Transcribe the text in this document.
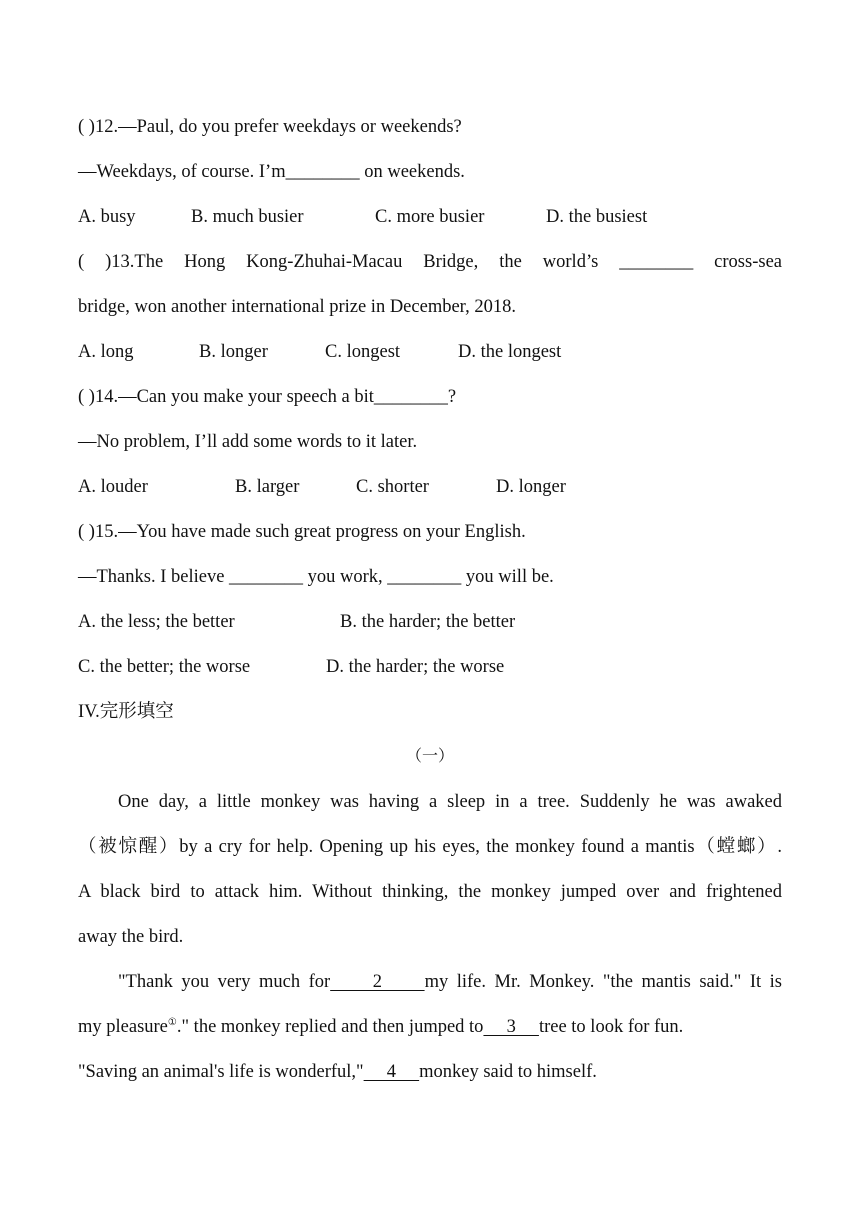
( )12.—Paul, do you prefer weekdays or weekends?
—Weekdays, of course. I’m________ on weekends.
A. busy	B. much busier	C. more busier	D. the busiest
( )13.The Hong Kong-Zhuhai-Macau Bridge, the world’s ________ cross-sea
bridge, won another international prize in December, 2018.
A. long	B. longer	C. longest	D. the longest
( )14.—Can you make your speech a bit________?
—No problem, I’ll add some words to it later.
A. louder	B. larger	C. shorter	D. longer
( )15.—You have made such great progress on your English.
—Thanks. I believe ________ you work, ________ you will be.
A. the less; the better	B. the harder; the better
C. the better; the worse	D. the harder; the worse
IV.完形填空
（一）
One day, a little monkey was having a sleep in a tree. Suddenly he was awaked
（被惊醒）by a cry for help. Opening up his eyes, the monkey found a mantis（螳螂）.
A black bird to attack him. Without thinking, the monkey jumped over and frightened
away the bird.
"Thank you very much for     2     my life. Mr. Monkey. "the mantis said." It is
my pleasure①." the monkey replied and then jumped to     3     tree to look for fun.
"Saving an animal's life is wonderful,"     4     monkey said to himself.
